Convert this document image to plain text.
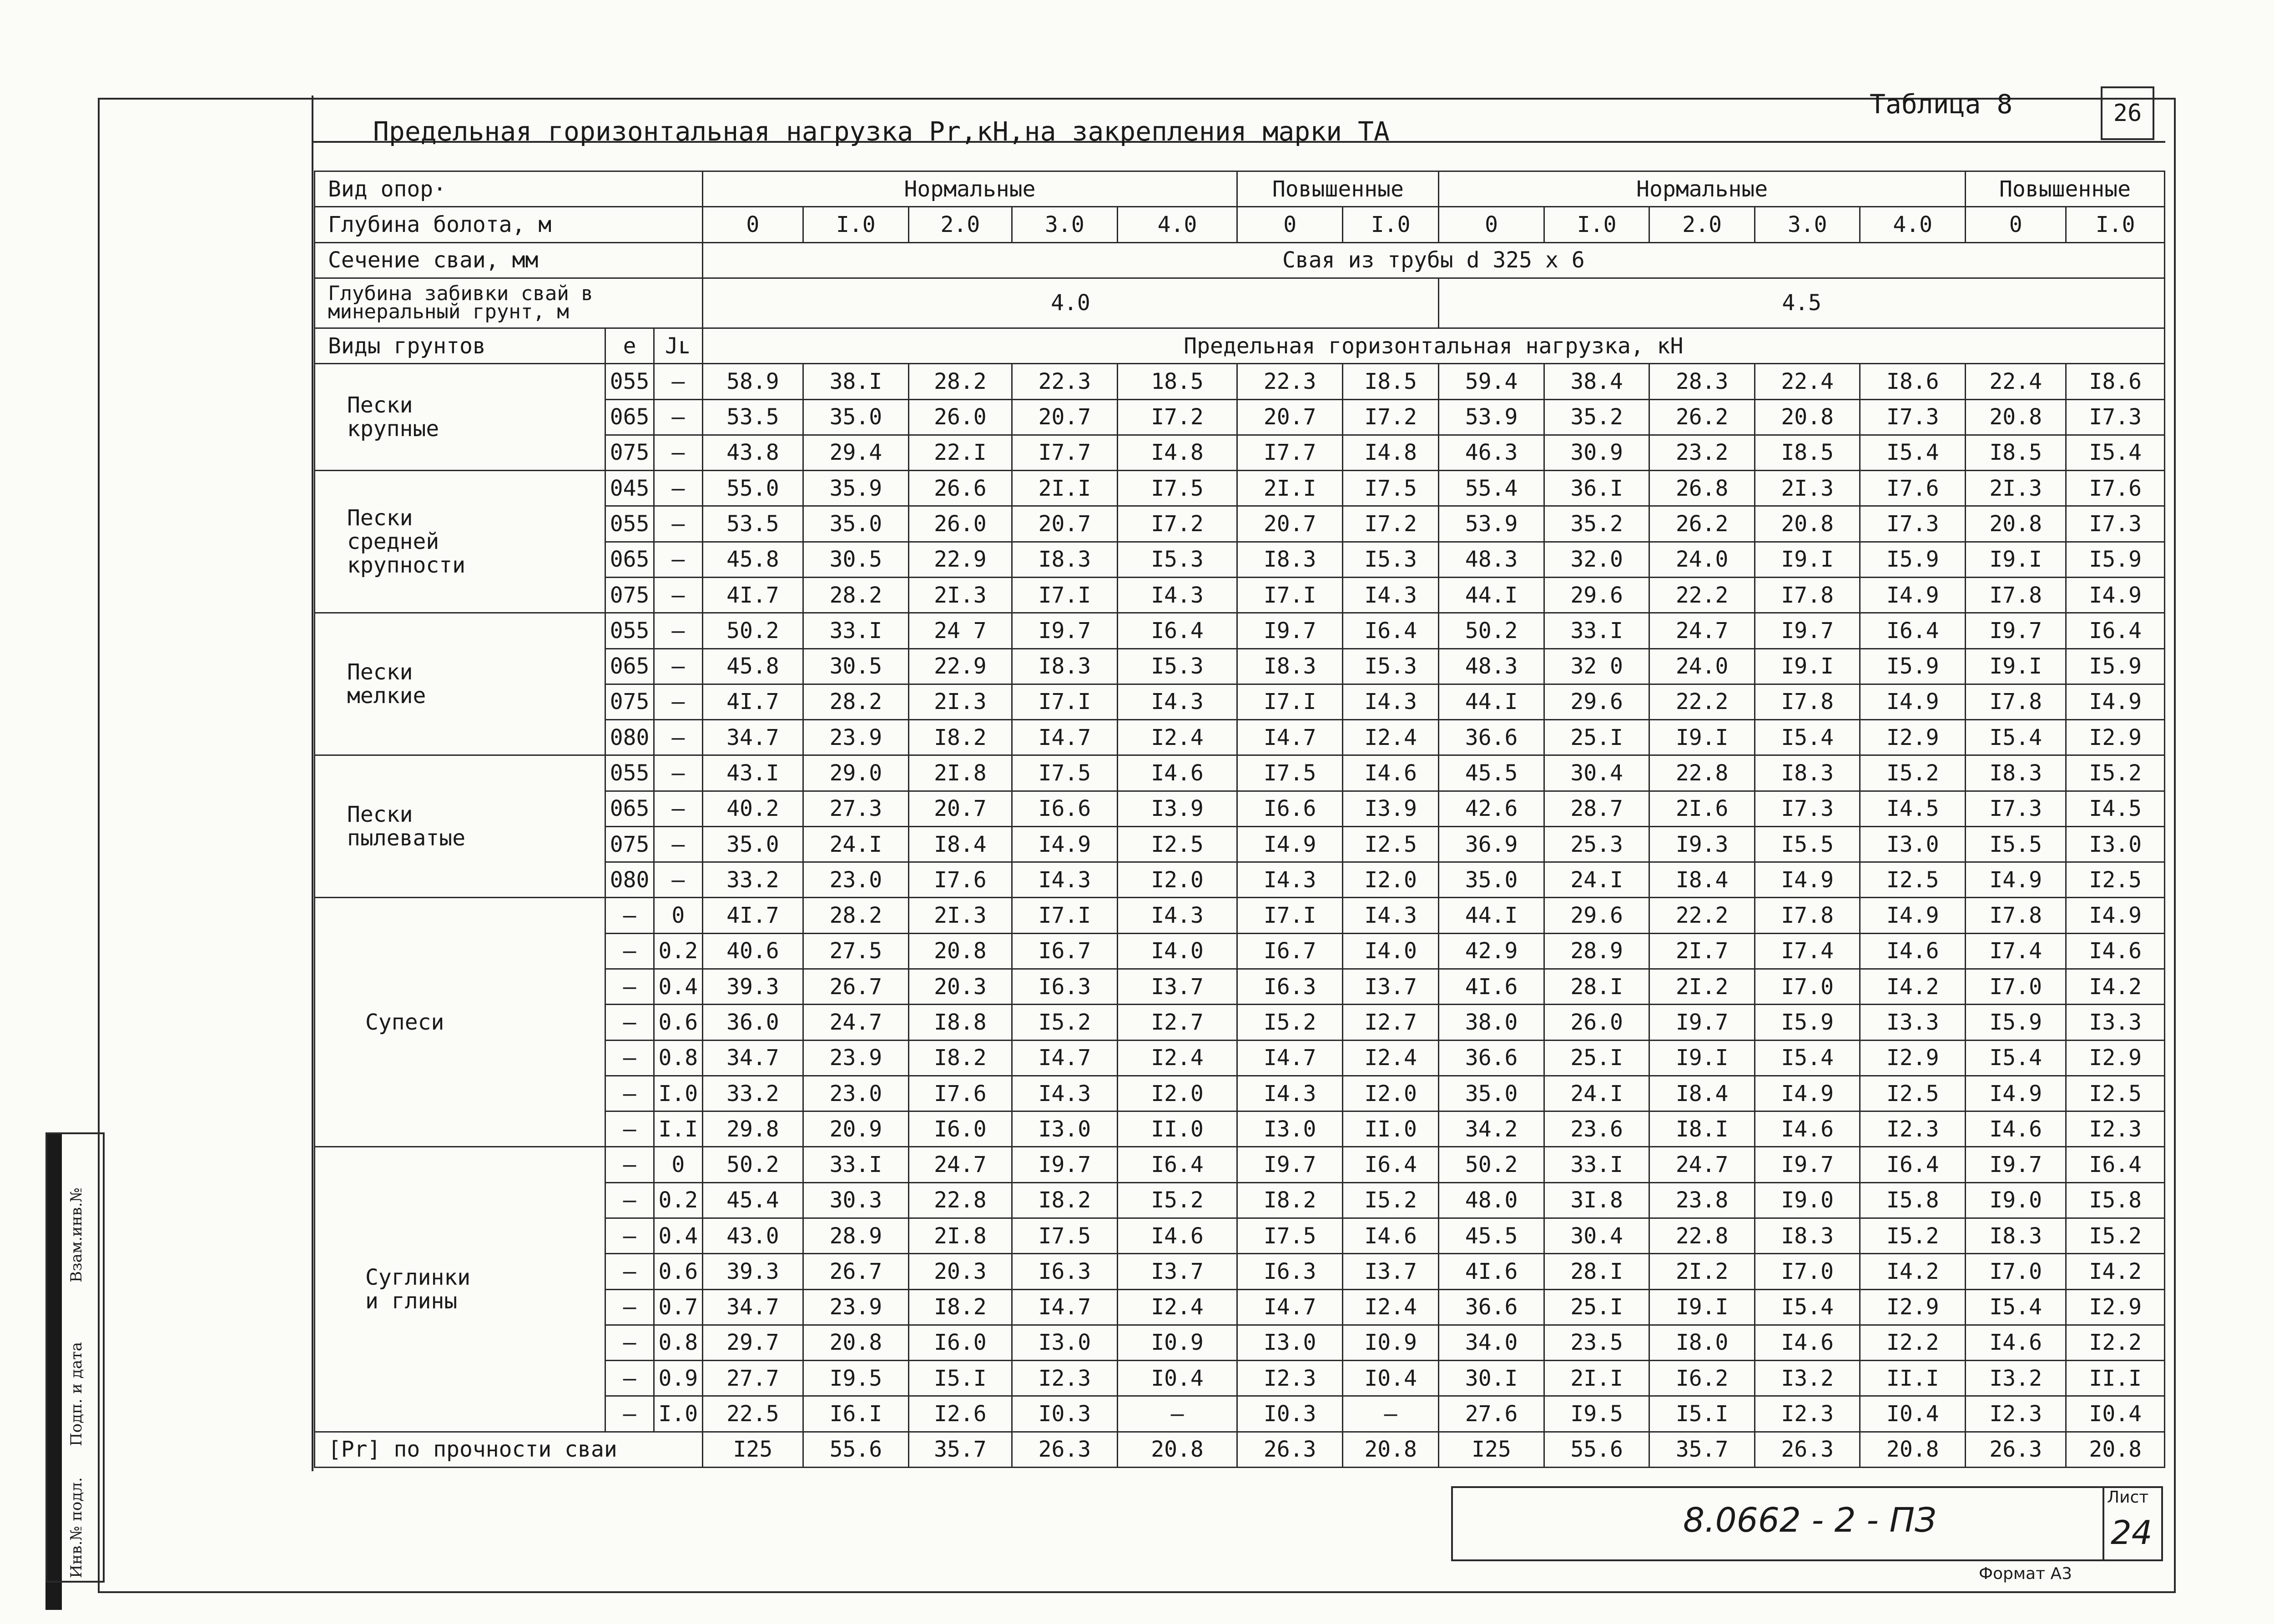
Инв.№ подл.
Подп. и дата
Взам.инв.№
Предельная горизонтальная нагрузка Рr,кН,на закрепления марки ТА
Таблица 8	26
Вид опор·			Нормальные					Повышенные		Нормальные					Повышенные	
Глубина болота, м			0	I.0	2.0	3.0	4.0	0	I.0	0	I.0	2.0	3.0	4.0	0	I.0
Сечение сваи, мм			Свая из трубы d 325 x 6													
Глубина забивки свай в
минеральный грунт, м			4.0							4.5						
Виды грунтов	e	Jʟ	Предельная горизонтальная нагрузка, кН													
Пески
крупные	055	–	58.9	38.I	28.2	22.3	18.5	22.3	I8.5	59.4	38.4	28.3	22.4	I8.6	22.4	I8.6
	065	–	53.5	35.0	26.0	20.7	I7.2	20.7	I7.2	53.9	35.2	26.2	20.8	I7.3	20.8	I7.3
	075	–	43.8	29.4	22.I	I7.7	I4.8	I7.7	I4.8	46.3	30.9	23.2	I8.5	I5.4	I8.5	I5.4
Пески
средней
крупности	045	–	55.0	35.9	26.6	2I.I	I7.5	2I.I	I7.5	55.4	36.I	26.8	2I.3	I7.6	2I.3	I7.6
	055	–	53.5	35.0	26.0	20.7	I7.2	20.7	I7.2	53.9	35.2	26.2	20.8	I7.3	20.8	I7.3
	065	–	45.8	30.5	22.9	I8.3	I5.3	I8.3	I5.3	48.3	32.0	24.0	I9.I	I5.9	I9.I	I5.9
	075	–	4I.7	28.2	2I.3	I7.I	I4.3	I7.I	I4.3	44.I	29.6	22.2	I7.8	I4.9	I7.8	I4.9
Пески
мелкие	055	–	50.2	33.I	24 7	I9.7	I6.4	I9.7	I6.4	50.2	33.I	24.7	I9.7	I6.4	I9.7	I6.4
	065	–	45.8	30.5	22.9	I8.3	I5.3	I8.3	I5.3	48.3	32 0	24.0	I9.I	I5.9	I9.I	I5.9
	075	–	4I.7	28.2	2I.3	I7.I	I4.3	I7.I	I4.3	44.I	29.6	22.2	I7.8	I4.9	I7.8	I4.9
	080	–	34.7	23.9	I8.2	I4.7	I2.4	I4.7	I2.4	36.6	25.I	I9.I	I5.4	I2.9	I5.4	I2.9
Пески
пылеватые	055	–	43.I	29.0	2I.8	I7.5	I4.6	I7.5	I4.6	45.5	30.4	22.8	I8.3	I5.2	I8.3	I5.2
	065	–	40.2	27.3	20.7	I6.6	I3.9	I6.6	I3.9	42.6	28.7	2I.6	I7.3	I4.5	I7.3	I4.5
	075	–	35.0	24.I	I8.4	I4.9	I2.5	I4.9	I2.5	36.9	25.3	I9.3	I5.5	I3.0	I5.5	I3.0
	080	–	33.2	23.0	I7.6	I4.3	I2.0	I4.3	I2.0	35.0	24.I	I8.4	I4.9	I2.5	I4.9	I2.5
Супеси	–	0	4I.7	28.2	2I.3	I7.I	I4.3	I7.I	I4.3	44.I	29.6	22.2	I7.8	I4.9	I7.8	I4.9
	–	0.2	40.6	27.5	20.8	I6.7	I4.0	I6.7	I4.0	42.9	28.9	2I.7	I7.4	I4.6	I7.4	I4.6
	–	0.4	39.3	26.7	20.3	I6.3	I3.7	I6.3	I3.7	4I.6	28.I	2I.2	I7.0	I4.2	I7.0	I4.2
	–	0.6	36.0	24.7	I8.8	I5.2	I2.7	I5.2	I2.7	38.0	26.0	I9.7	I5.9	I3.3	I5.9	I3.3
	–	0.8	34.7	23.9	I8.2	I4.7	I2.4	I4.7	I2.4	36.6	25.I	I9.I	I5.4	I2.9	I5.4	I2.9
	–	I.0	33.2	23.0	I7.6	I4.3	I2.0	I4.3	I2.0	35.0	24.I	I8.4	I4.9	I2.5	I4.9	I2.5
	–	I.I	29.8	20.9	I6.0	I3.0	II.0	I3.0	II.0	34.2	23.6	I8.I	I4.6	I2.3	I4.6	I2.3
Суглинки
и глины	–	0	50.2	33.I	24.7	I9.7	I6.4	I9.7	I6.4	50.2	33.I	24.7	I9.7	I6.4	I9.7	I6.4
	–	0.2	45.4	30.3	22.8	I8.2	I5.2	I8.2	I5.2	48.0	3I.8	23.8	I9.0	I5.8	I9.0	I5.8
	–	0.4	43.0	28.9	2I.8	I7.5	I4.6	I7.5	I4.6	45.5	30.4	22.8	I8.3	I5.2	I8.3	I5.2
	–	0.6	39.3	26.7	20.3	I6.3	I3.7	I6.3	I3.7	4I.6	28.I	2I.2	I7.0	I4.2	I7.0	I4.2
	–	0.7	34.7	23.9	I8.2	I4.7	I2.4	I4.7	I2.4	36.6	25.I	I9.I	I5.4	I2.9	I5.4	I2.9
	–	0.8	29.7	20.8	I6.0	I3.0	I0.9	I3.0	I0.9	34.0	23.5	I8.0	I4.6	I2.2	I4.6	I2.2
	–	0.9	27.7	I9.5	I5.I	I2.3	I0.4	I2.3	I0.4	30.I	2I.I	I6.2	I3.2	II.I	I3.2	II.I
	–	I.0	22.5	I6.I	I2.6	I0.3	–	I0.3	–	27.6	I9.5	I5.I	I2.3	I0.4	I2.3	I0.4
[Pr] по прочности сваи			I25	55.6	35.7	26.3	20.8	26.3	20.8	I25	55.6	35.7	26.3	20.8	26.3	20.8
8.0662 - 2 - ПЗ
Лист
24
Формат А3
